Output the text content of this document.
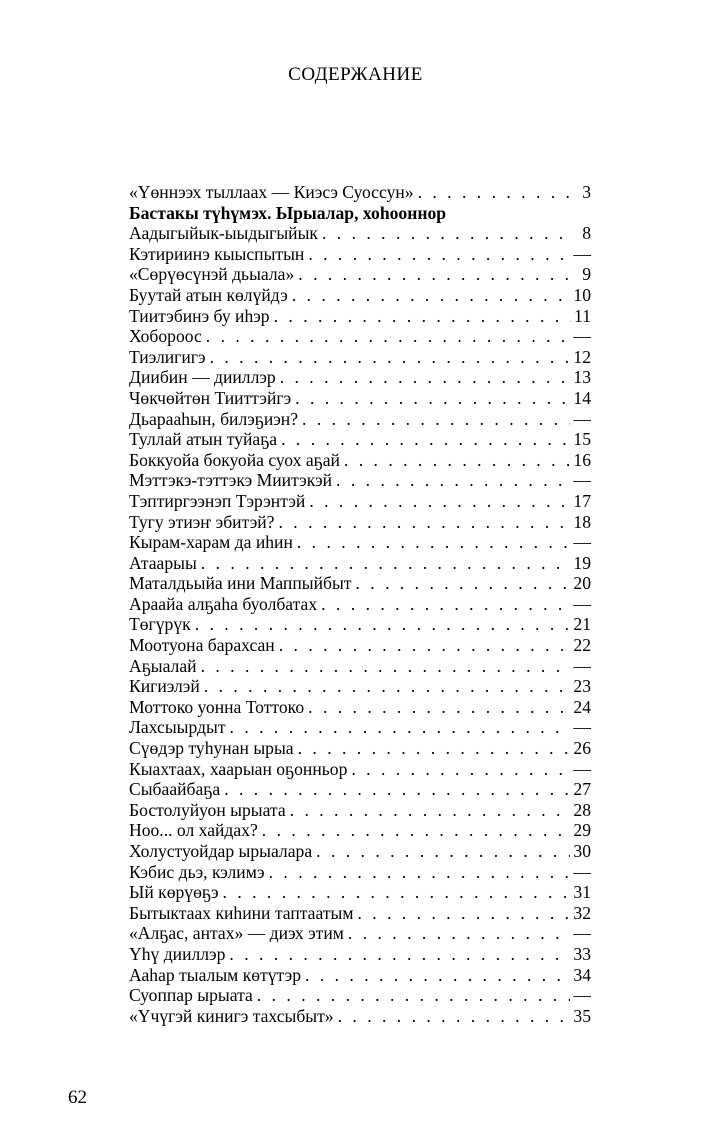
СОДЕРЖАНИЕ
«Үөннээх тыллаах — Киэсэ Суоссун» . . .	3
Бастакы түһүмэх. Ырыалар, хоһооннор
Аадыгыйык-ыыдыгыйык . . .	8
Кэтириинэ кыыспытын . . .	—
«Сөрүөсүнэй дьыала» . . .	9
Буутай атын көлүйдэ . . .	10
Тиитэбинэ бу иһэр . . .	11
Хобороос . . .	—
Тиэлигигэ . . .	12
Диибин — дииллэр . . .	13
Чөкчөйтөн Тииттэйгэ . . .	14
Дьарааһын, билэҕиэн? . . .	—
Туллай атын туйаҕа . . .	15
Боккуойа бокуойа суох аҕай . . .	16
Мэттэкэ-тэттэкэ Миитэкэй . . .	—
Тэптиргээнэп Тэрэнтэй . . .	17
Тугу этиэҥ эбитэй? . . .	18
Кырам-харам да иһин . . .	—
Атаарыы . . .	19
Маталдьыйа ини Маппыйбыт . . .	20
Араайа алҕаһа буолбатах . . .	—
Төгүрүк . . .	21
Моотуона барахсан . . .	22
Аҕыалай . . .	—
Кигиэлэй . . .	23
Моттоко уонна Тоттоко . . .	24
Лахсыырдыт . . .	—
Сүөдэр туһунан ырыа . . .	26
Кыахтаах, хаарыан оҕонньор . . .	—
Сыбаайбаҕа . . .	27
Бостолуйуон ырыата . . .	28
Ноо... ол хайдах? . . .	29
Холустуойдар ырыалара . . .	30
Кэбис дьэ, кэлимэ . . .	—
Ый көрүөҕэ . . .	31
Бытыктаах киһини таптаатым . . .	32
«Алҕас, антах» — диэх этим . . .	—
Үһү дииллэр . . .	33
Ааһар тыалым көтүтэр . . .	34
Суоппар ырыата . . .	—
«Үчүгэй кинигэ тахсыбыт» . . .	35
62
